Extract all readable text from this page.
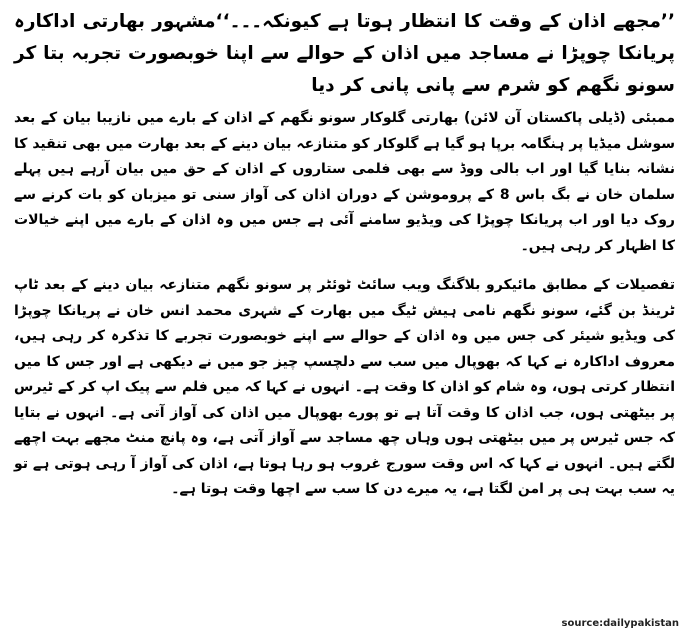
’’مجھے اذان کے وقت کا انتظار ہوتا ہے کیونکہ۔۔۔‘‘مشہور بھارتی اداکارہ پریانکا چوپڑا نے مساجد میں اذان کے حوالے سے اپنا خوبصورت تجربہ بتا کر سونو نگھم کو شرم سے پانی پانی کر دیا

ممبئی (ڈیلی پاکستان آن لائن) بھارتی گلوکار سونو نگھم کے اذان کے بارے میں نازیبا بیان کے بعد سوشل میڈیا پر ہنگامہ برپا ہو گیا ہے گلوکار کو متنازعہ بیان دینے کے بعد بھارت میں بھی تنقید کا نشانہ بنایا گیا اور اب بالی ووڈ سے بھی فلمی ستاروں کے اذان کے حق میں بیان آرہے ہیں پہلے سلمان خان نے بگ باس 8 کے پروموشن کے دوران اذان کی آواز سنی تو میزبان کو بات کرنے سے روک دیا اور اب پریانکا چوپڑا کی ویڈیو سامنے آئی ہے جس میں وہ اذان کے بارے میں اپنے خیالات کا اظہار کر رہی ہیں۔

تفصیلات کے مطابق مائیکرو بلاگنگ ویب سائٹ ٹوئٹر پر سونو نگھم متنازعہ بیان دینے کے بعد ٹاپ ٹرینڈ بن گئے، سونو نگھم نامی ہیش ٹیگ میں بھارت کے شہری محمد انس خان نے پریانکا چوپڑا کی ویڈیو شیئر کی جس میں وہ اذان کے حوالے سے اپنے خوبصورت تجربے کا تذکرہ کر رہی ہیں، معروف اداکارہ نے کہا کہ بھوپال میں سب سے دلچسپ چیز جو میں نے دیکھی ہے اور جس کا میں انتظار کرتی ہوں، وہ شام کو اذان کا وقت ہے۔ انہوں نے کہا کہ میں فلم سے پیک اپ کر کے ٹیرس پر بیٹھتی ہوں، جب اذان کا وقت آتا ہے تو پورے بھوپال میں اذان کی آواز آتی ہے۔ انہوں نے بتایا کہ جس ٹیرس پر میں بیٹھتی ہوں وہاں چھ مساجد سے آواز آتی ہے، وہ پانچ منٹ مجھے بہت اچھے لگتے ہیں۔ انہوں نے کہا کہ اس وقت سورج غروب ہو رہا ہوتا ہے، اذان کی آواز آ رہی ہوتی ہے تو یہ سب بہت ہی پر امن لگتا ہے، یہ میرے دن کا سب سے اچھا وقت ہوتا ہے۔

source:dailypakistan
